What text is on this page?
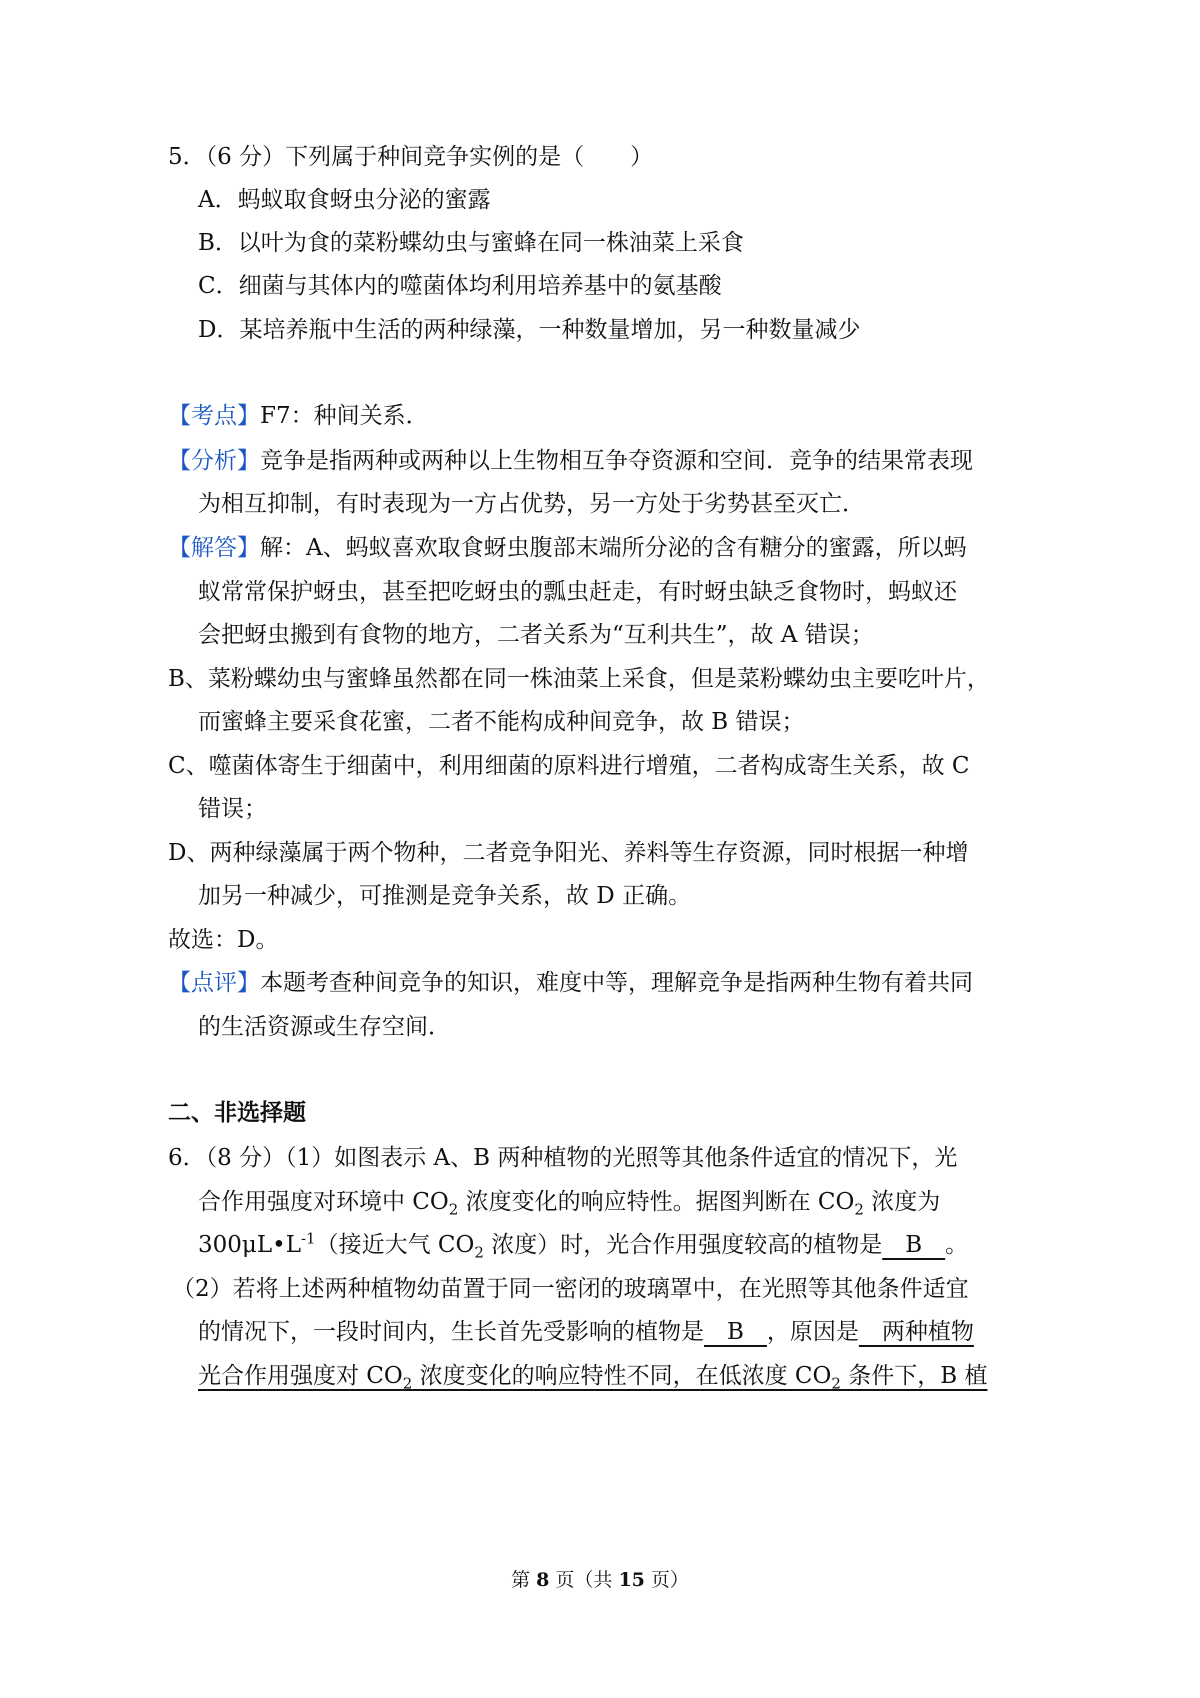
5．（6 分）下列属于种间竞争实例的是（　　）
A．蚂蚁取食蚜虫分泌的蜜露
B．以叶为食的菜粉蝶幼虫与蜜蜂在同一株油菜上采食
C．细菌与其体内的噬菌体均利用培养基中的氨基酸
D．某培养瓶中生活的两种绿藻，一种数量增加，另一种数量减少
【考点】F7：种间关系．
【分析】竞争是指两种或两种以上生物相互争夺资源和空间．竞争的结果常表现
为相互抑制，有时表现为一方占优势，另一方处于劣势甚至灭亡．
【解答】解：A、蚂蚁喜欢取食蚜虫腹部末端所分泌的含有糖分的蜜露，所以蚂
蚁常常保护蚜虫，甚至把吃蚜虫的瓢虫赶走，有时蚜虫缺乏食物时，蚂蚁还
会把蚜虫搬到有食物的地方，二者关系为“互利共生”，故 A 错误；
B、菜粉蝶幼虫与蜜蜂虽然都在同一株油菜上采食，但是菜粉蝶幼虫主要吃叶片，
而蜜蜂主要采食花蜜，二者不能构成种间竞争，故 B 错误；
C、噬菌体寄生于细菌中，利用细菌的原料进行增殖，二者构成寄生关系，故 C
错误；
D、两种绿藻属于两个物种，二者竞争阳光、养料等生存资源，同时根据一种增
加另一种减少，可推测是竞争关系，故 D 正确。
故选：D。
【点评】本题考查种间竞争的知识，难度中等，理解竞争是指两种生物有着共同
的生活资源或生存空间．
二、非选择题
6．（8 分）（1）如图表示 A、B 两种植物的光照等其他条件适宜的情况下，光
合作用强度对环境中 $CO_2$ 浓度变化的响应特性。据图判断在 $CO_2$ 浓度为
$300\mu L•L^{-1}$（接近大气 $CO_2$ 浓度）时，光合作用强度较高的植物是　B　。
（2）若将上述两种植物幼苗置于同一密闭的玻璃罩中，在光照等其他条件适宜
的情况下，一段时间内，生长首先受影响的植物是　B　，原因是　两种植物
光合作用强度对 $CO_2$ 浓度变化的响应特性不同，在低浓度 $CO_2$ 条件下，B 植
第 8 页（共 15 页）
